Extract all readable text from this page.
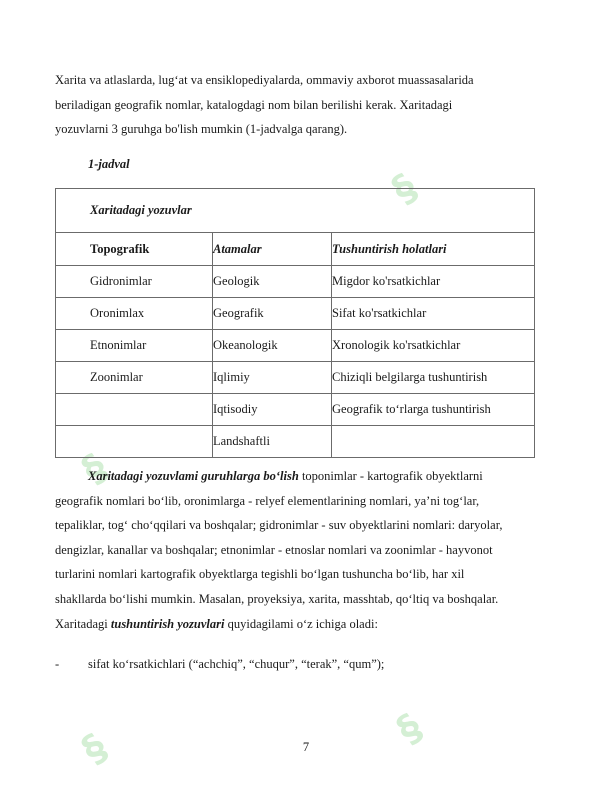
§
§
§
§

Xarita va atlaslarda, lug‘at va ensiklopediyalarda, ommaviy axborot muassasalarida
beriladigan geografik nomlar, katalogdagi nom bilan berilishi kerak. Xaritadagi
yozuvlarni 3 guruhga bo'lish mumkin (1-jadvalga qarang).

1-jadval

Xaritadagi yozuvlar		
Topografik	Atamalar	Tushuntirish holatlari
Gidronimlar	Geologik	Migdor ko'rsatkichlar
Oronimlax	Geografik	Sifat ko'rsatkichlar
Etnonimlar	Okeanologik	Xronologik ko'rsatkichlar
Zoonimlar	Iqlimiy	Chiziqli belgilarga tushuntirish
	Iqtisodiy	Geografik to‘rlarga tushuntirish
	Landshaftli	

Xaritadagi yozuvlami guruhlarga bo‘lish toponimlar - kartografik obyektlarni
geografik nomlari bo‘lib, oronimlarga - relyef elementlarining nomlari, ya’ni tog‘lar,
tepaliklar, tog‘ cho‘qqilari va boshqalar; gidronimlar - suv obyektlarini nomlari: daryolar,
dengizlar, kanallar va boshqalar; etnonimlar - etnoslar nomlari va zoonimlar - hayvonot
turlarini nomlari kartografik obyektlarga tegishli bo‘lgan tushuncha bo‘lib, har xil
shakllarda bo‘lishi mumkin. Masalan, proyeksiya, xarita, masshtab, qo‘ltiq va boshqalar.
Xaritadagi tushuntirish yozuvlari quyidagilami o‘z ichiga oladi:

- sifat ko‘rsatkichlari (“achchiq”, “chuqur”, “terak”, “qum”);
7
